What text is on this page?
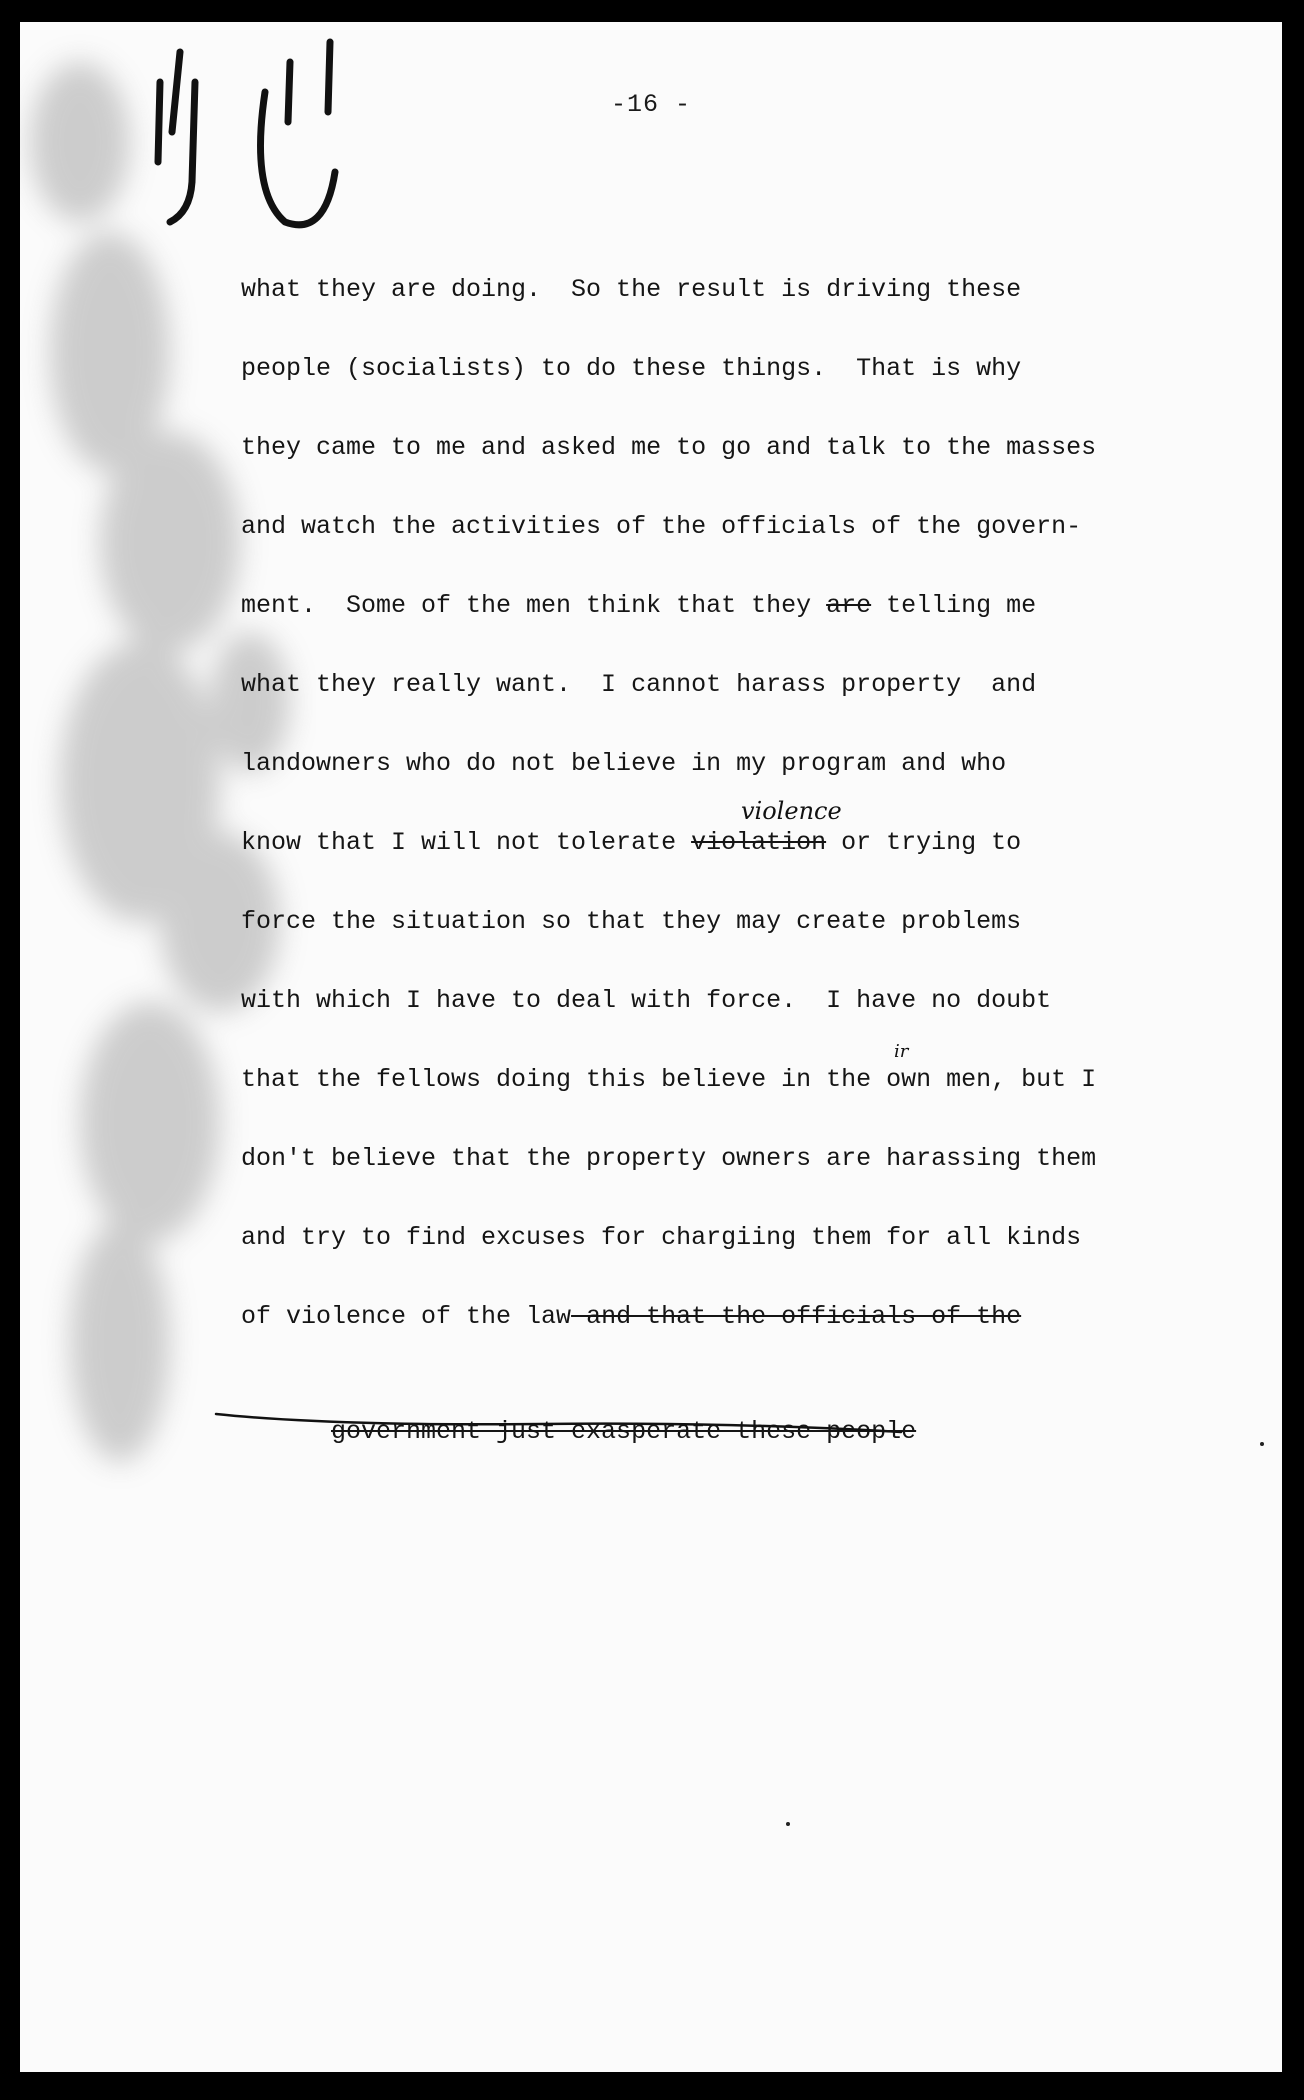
-16 -
what they are doing.  So the result is driving these
people (socialists) to do these things.  That is why
they came to me and asked me to go and talk to the masses
and watch the activities of the officials of the govern-
ment.  Some of the men think that they are telling me
what they really want.  I cannot harass property  and
landowners who do not believe in my program and who
violence
know that I will not tolerate violation or trying to
force the situation so that they may create problems
with which I have to deal with force.  I have no doubt
ir
that the fellows doing this believe in the own men, but I
don't believe that the property owners are harassing them
and try to find excuses for chargiing them for all kinds
of violence of the law and that the officials of the

government just exasperate these people
